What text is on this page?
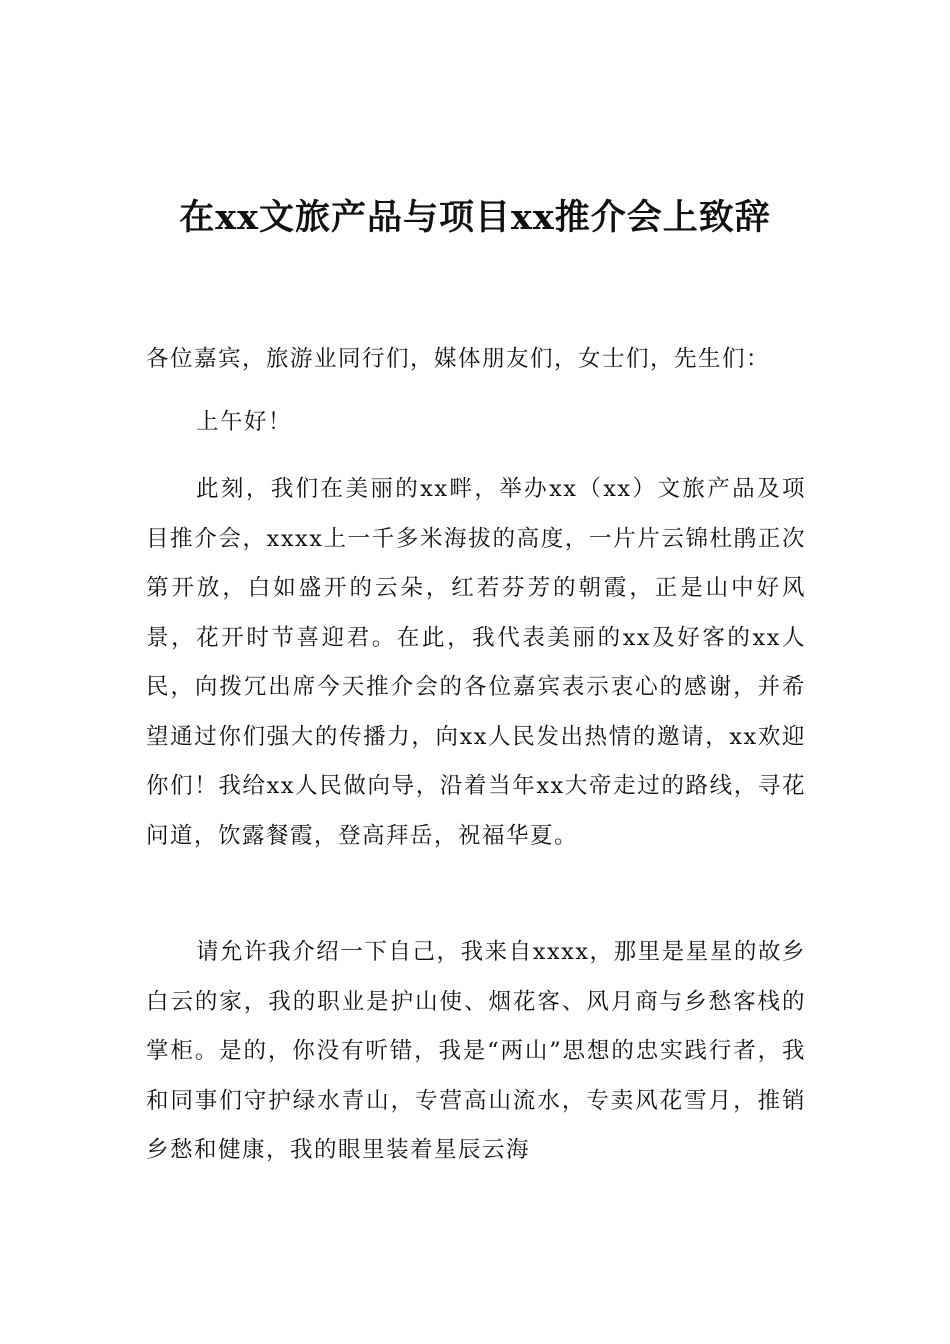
在xx文旅产品与项目xx推介会上致辞

各位嘉宾，旅游业同行们，媒体朋友们，女士们，先生们：

上午好！

此刻，我们在美丽的xx畔，举办xx（xx）文旅产品及项目推介会，xxxx上一千多米海拔的高度，一片片云锦杜鹃正次第开放，白如盛开的云朵，红若芬芳的朝霞，正是山中好风景，花开时节喜迎君。在此，我代表美丽的xx及好客的xx人民，向拨冗出席今天推介会的各位嘉宾表示衷心的感谢，并希望通过你们强大的传播力，向xx人民发出热情的邀请，xx欢迎你们！我给xx人民做向导，沿着当年xx大帝走过的路线，寻花问道，饮露餐霞，登高拜岳，祝福华夏。

请允许我介绍一下自己，我来自xxxx，那里是星星的故乡白云的家，我的职业是护山使、烟花客、风月商与乡愁客栈的掌柜。是的，你没有听错，我是“两山”思想的忠实践行者，我和同事们守护绿水青山，专营高山流水，专卖风花雪月，推销乡愁和健康，我的眼里装着星辰云海
